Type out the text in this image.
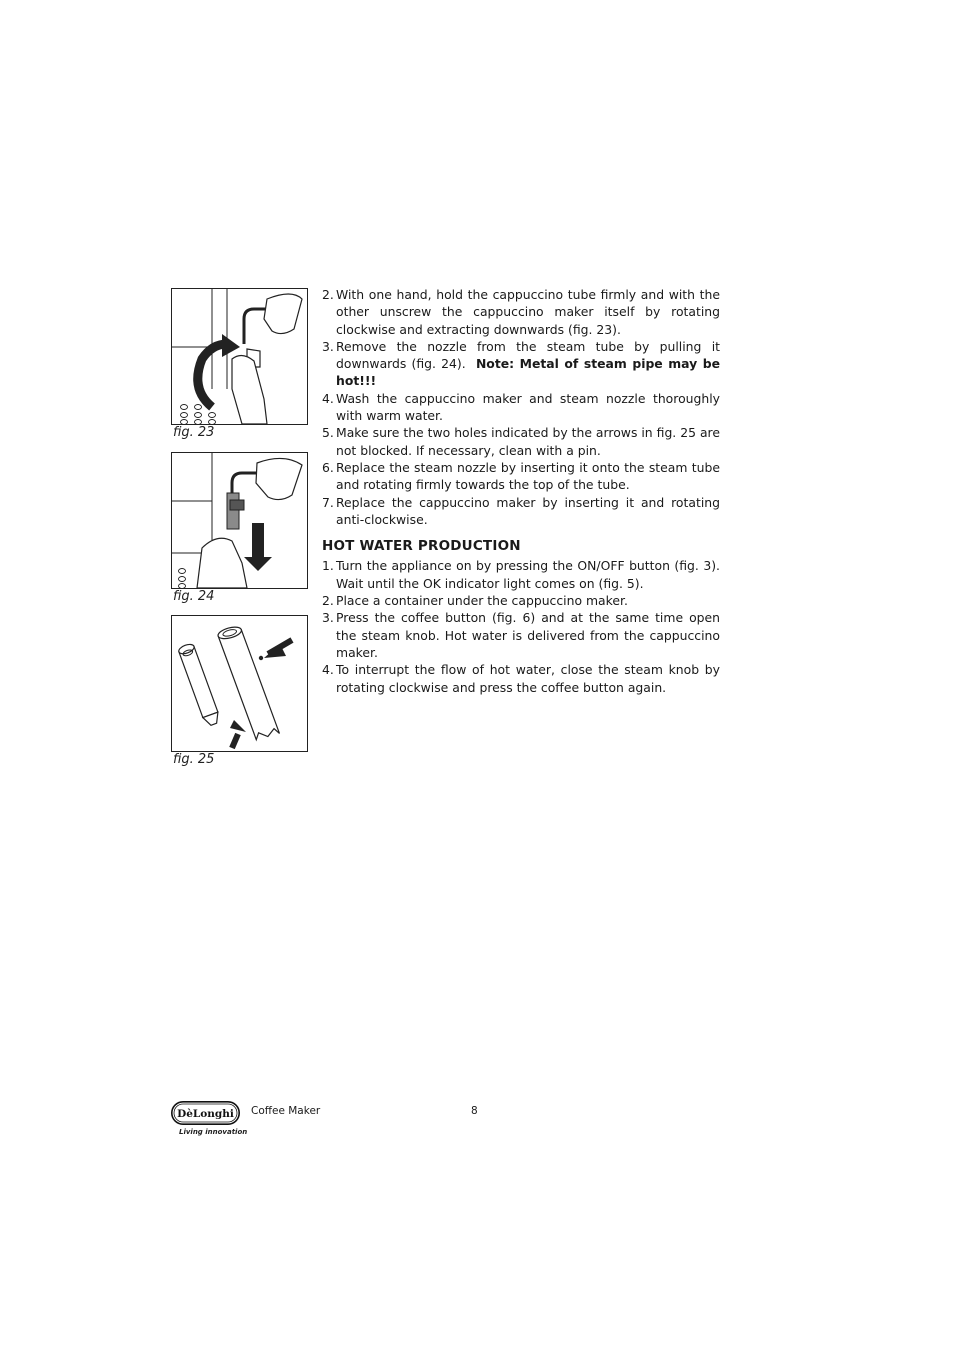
fig. 23
fig. 24
fig. 25
2. With one hand, hold the cappuccino tube firmly and with the other unscrew the cappuccino maker itself by rotating clockwise and extracting downwards (fig. 23).
3. Remove the nozzle from the steam tube by pulling it downwards (fig. 24). Note: Metal of steam pipe may be hot!!!
4. Wash the cappuccino maker and steam nozzle thoroughly with warm water.
5. Make sure the two holes indicated by the arrows in fig. 25 are not blocked. If necessary, clean with a pin.
6. Replace the steam nozzle by inserting it onto the steam tube and rotating firmly towards the top of the tube.
7. Replace the cappuccino maker by inserting it and rotating anti-clockwise.
HOT WATER PRODUCTION
1. Turn the appliance on by pressing the ON/OFF button (fig. 3). Wait until the OK indicator light comes on (fig. 5).
2. Place a container under the cappuccino maker.
3. Press the coffee button (fig. 6) and at the same time open the steam knob. Hot water is delivered from the cappuccino maker.
4. To interrupt the flow of hot water, close the steam knob by rotating clockwise and press the coffee button again.
DèLonghi
Living innovation
Coffee Maker	8
